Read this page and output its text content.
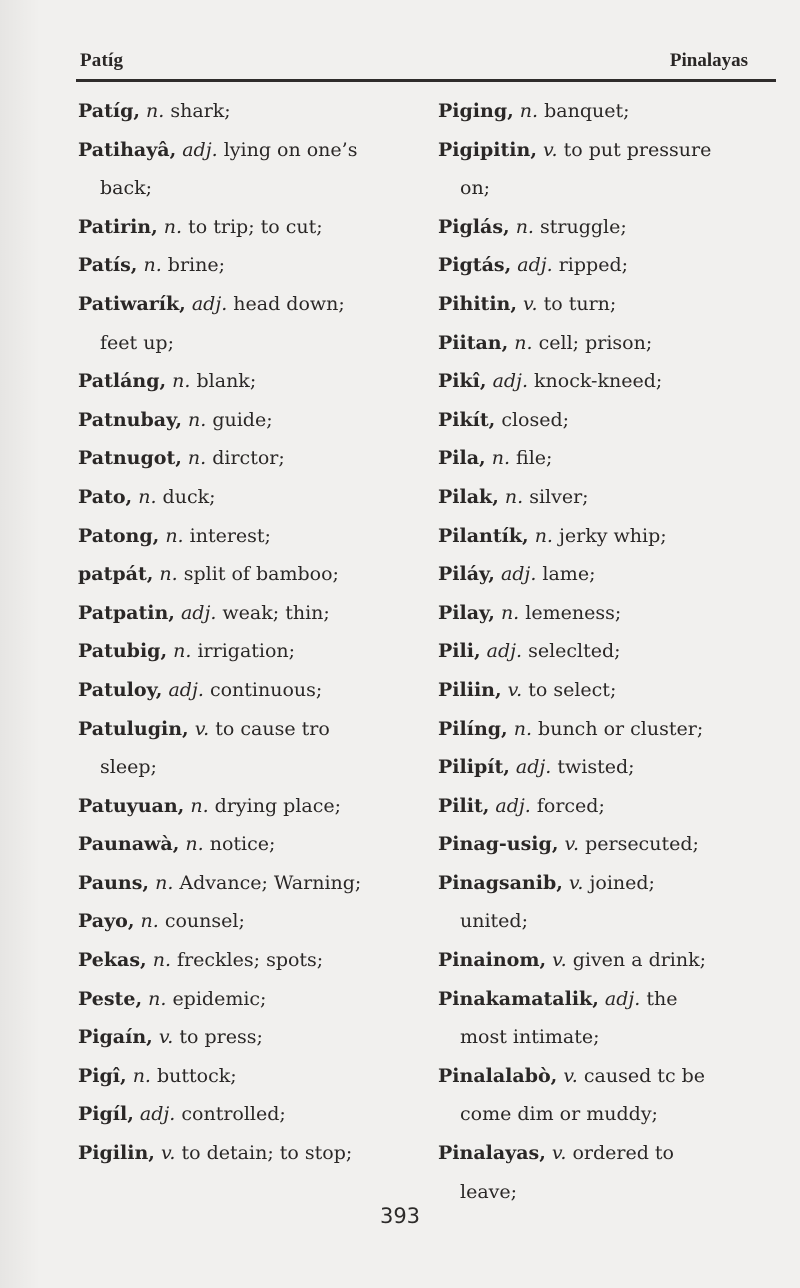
Patíg	Pinalayas

Patíg, n. shark;

Patihayâ, adj. lying on one’s
back;

Patirin, n. to trip; to cut;

Patís, n. brine;

Patiwarík, adj. head down;
feet up;

Patláng, n. blank;

Patnubay, n. guide;

Patnugot, n. dirctor;

Pato, n. duck;

Patong, n. interest;

patpát, n. split of bamboo;

Patpatin, adj. weak; thin;

Patubig, n. irrigation;

Patuloy, adj. continuous;

Patulugin, v. to cause tro
sleep;

Patuyuan, n. drying place;

Paunawà, n. notice;

Pauns, n. Advance; Warning;

Payo, n. counsel;

Pekas, n. freckles; spots;

Peste, n. epidemic;

Pigaín, v. to press;

Pigî, n. buttock;

Pigíl, adj. controlled;

Pigilin, v. to detain; to stop;

Piging, n. banquet;

Pigipitin, v. to put pressure
on;

Piglás, n. struggle;

Pigtás, adj. ripped;

Pihitin, v. to turn;

Piitan, n. cell; prison;

Pikî, adj. knock-kneed;

Pikít, closed;

Pila, n. file;

Pilak, n. silver;

Pilantík, n. jerky whip;

Piláy, adj. lame;

Pilay, n. lemeness;

Pili, adj. seleclted;

Piliin, v. to select;

Pilíng, n. bunch or cluster;

Pilipít, adj. twisted;

Pilit, adj. forced;

Pinag-usig, v. persecuted;

Pinagsanib, v. joined;
united;

Pinainom, v. given a drink;

Pinakamatalik, adj. the
most intimate;

Pinalalabò, v. caused tc be
come dim or muddy;

Pinalayas, v. ordered to
leave;

393
